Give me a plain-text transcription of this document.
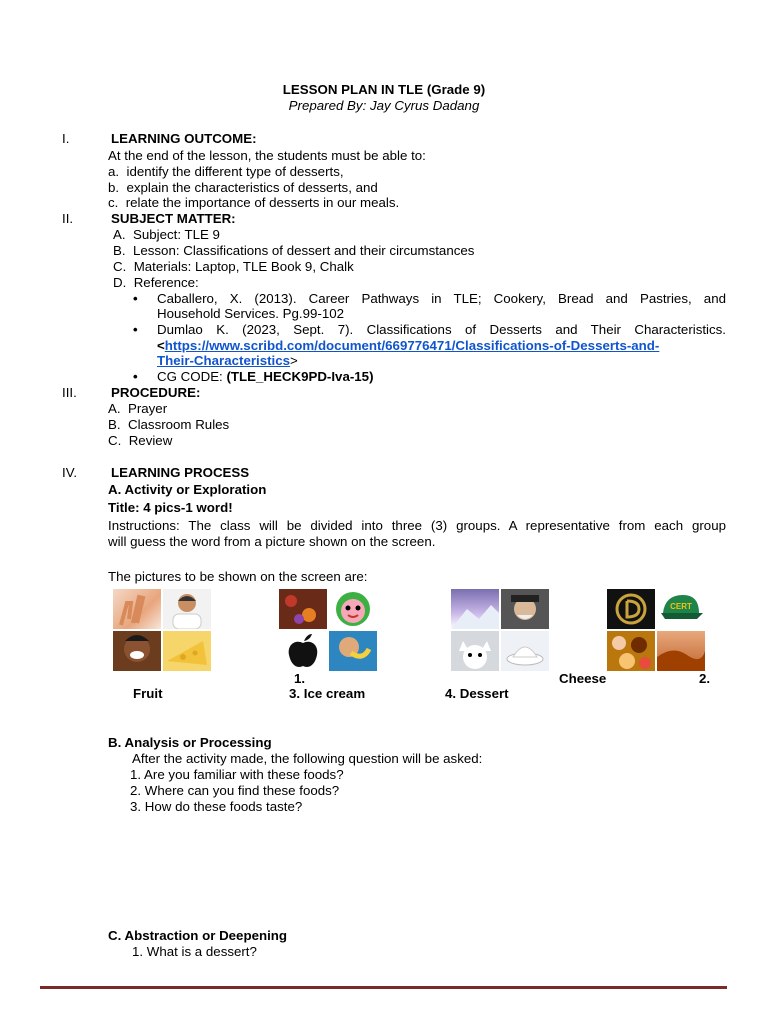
LESSON PLAN IN TLE (Grade 9)
Prepared By: Jay Cyrus Dadang
I.	LEARNING OUTCOME:
At the end of the lesson, the students must be able to:
a. identify the different type of desserts,
b. explain the characteristics of desserts, and
c. relate the importance of desserts in our meals.
II.	SUBJECT MATTER:
A. Subject: TLE 9
B. Lesson: Classifications of dessert and their circumstances
C. Materials: Laptop, TLE Book 9, Chalk
D. Reference:
• Caballero, X. (2013). Career Pathways in TLE; Cookery, Bread and Pastries, and
Household Services. Pg.99-102
• Dumlao K. (2023, Sept. 7). Classifications of Desserts and Their Characteristics.
<https://www.scribd.com/document/669776471/Classifications-of-Desserts-and-
Their-Characteristics>
• CG CODE: (TLE_HECK9PD-Iva-15)
III.	PROCEDURE:
A. Prayer
B. Classroom Rules
C. Review
IV.	LEARNING PROCESS
A. Activity or Exploration
Title: 4 pics-1 word!
Instructions: The class will be divided into three (3) groups. A representative from each group
will guess the word from a picture shown on the screen.
The pictures to be shown on the screen are:
CERT
1.	Cheese	2.
Fruit	3. Ice cream	4. Dessert
B. Analysis or Processing
After the activity made, the following question will be asked:
1. Are you familiar with these foods?
2. Where can you find these foods?
3. How do these foods taste?
C. Abstraction or Deepening
1. What is a dessert?
